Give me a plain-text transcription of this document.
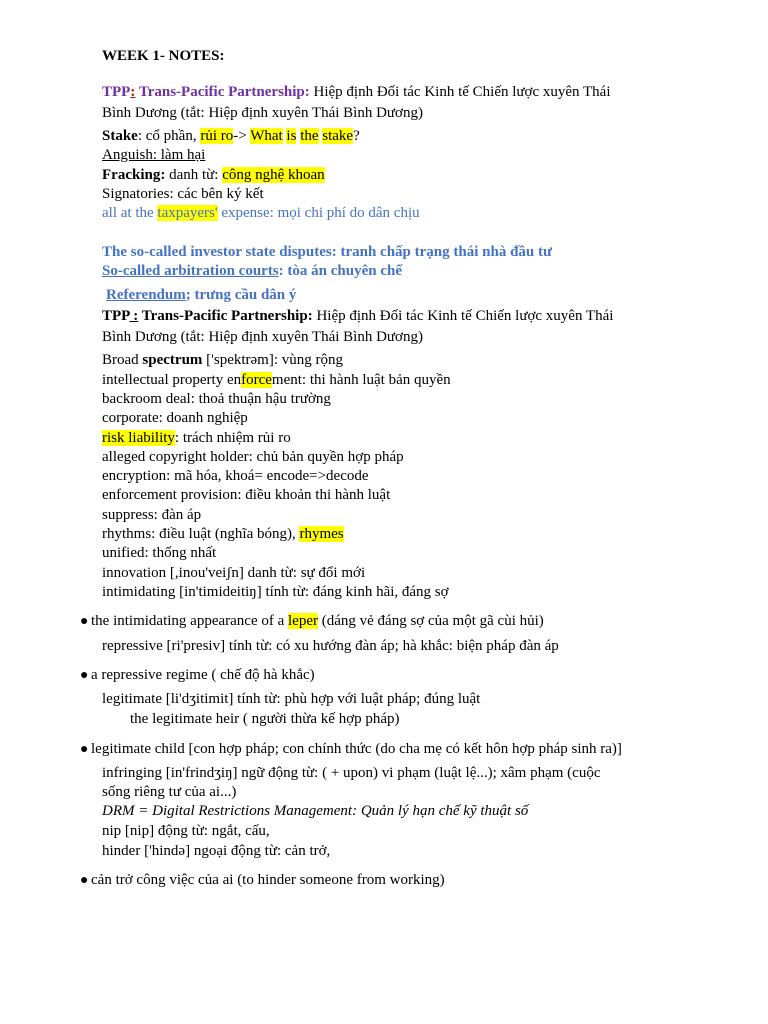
WEEK 1- NOTES:
TPP: Trans-Pacific Partnership: Hiệp định Đối tác Kinh tế Chiến lược xuyên Thái
Bình Dương (tắt: Hiệp định xuyên Thái Bình Dương)
Stake: cổ phần, rủi ro-> What is the stake?
Anguish: làm hại
Fracking: danh từ: công nghệ khoan
Signatories: các bên ký kết
all at the taxpayers' expense: mọi chi phí do dân chịu
The so-called investor state disputes: tranh chấp trạng thái nhà đầu tư
So-called arbitration courts: tòa án chuyên chế
Referendum; trưng cầu dân ý
TPP : Trans-Pacific Partnership: Hiệp định Đối tác Kinh tế Chiến lược xuyên Thái
Bình Dương (tắt: Hiệp định xuyên Thái Bình Dương)
Broad spectrum ['spektrəm]: vùng rộng
intellectual property enforcement: thi hành luật bản quyền
backroom deal: thoả thuận hậu trường
corporate: doanh nghiệp
risk liability: trách nhiệm rủi ro
alleged copyright holder: chủ bản quyền hợp pháp
encryption: mã hóa, khoá= encode=>decode
enforcement provision: điều khoản thi hành luật
suppress: đàn áp
rhythms: điều luật (nghĩa bóng), rhymes
unified: thống nhất
innovation [,inou'veiʃn] danh từ: sự đổi mới
intimidating [in'timideitiŋ] tính từ: đáng kinh hãi, đáng sợ
● the intimidating appearance of a leper (dáng vẻ đáng sợ của một gã cùi hủi)
repressive [ri'presiv] tính từ: có xu hướng đàn áp; hà khắc: biện pháp đàn áp
● a repressive regime ( chế độ hà khắc)
legitimate [li'dʒitimit] tính từ: phù hợp với luật pháp; đúng luật
the legitimate heir ( người thừa kế hợp pháp)
● legitimate child [con hợp pháp; con chính thức (do cha mẹ có kết hôn hợp pháp sinh ra)]
infringing [in'frindʒiŋ] ngữ động từ: ( + upon) vi phạm (luật lệ...); xâm phạm (cuộc
sống riêng tư của ai...)
DRM = Digital Restrictions Management: Quản lý hạn chế kỹ thuật số
nip [nip] động từ: ngắt, cấu,
hinder ['hində] ngoại động từ: cản trở,
● cản trở công việc của ai (to hinder someone from working)
